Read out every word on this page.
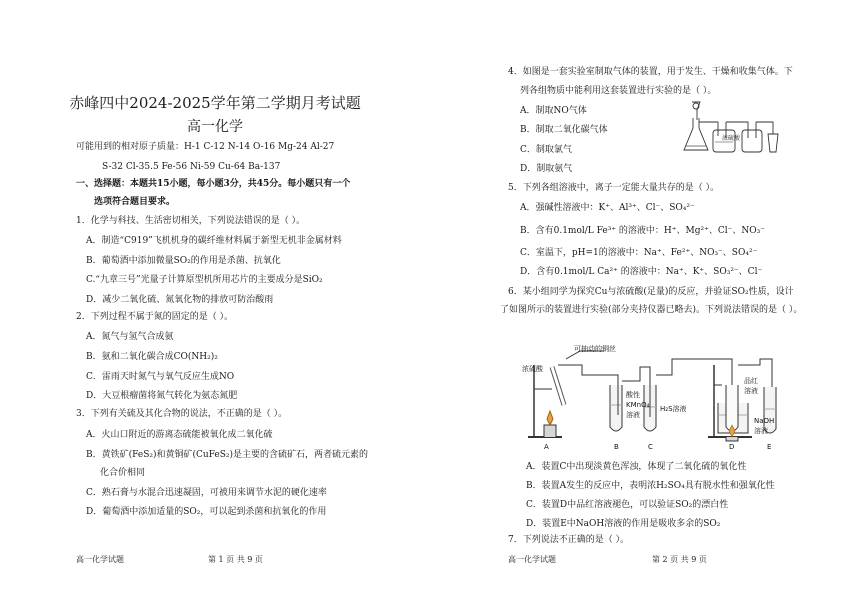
赤峰四中2024-2025学年第二学期月考试题
高一化学
可能用到的相对原子质量：H-1 C-12 N-14 O-16 Mg-24 Al-27
S-32 Cl-35.5 Fe-56 Ni-59 Cu-64 Ba-137
一、选择题：本题共15小题，每小题3分，共45分。每小题只有一个
选项符合题目要求。
1．化学与科技、生活密切相关，下列说法错误的是（ ）。
A．制造“C919”飞机机身的碳纤维材料属于新型无机非金属材料
B．葡萄酒中添加微量SO₂的作用是杀菌、抗氧化
C.“九章三号”光量子计算原型机所用芯片的主要成分是SiO₂
D．减少二氧化硫、氮氧化物的排放可防治酸雨
2．下列过程不属于氮的固定的是（ ）。
A．氮气与氢气合成氨
B．氨和二氧化碳合成CO(NH₂)₂
C．雷雨天时氮气与氧气反应生成NO
D．大豆根瘤菌将氮气转化为氨态氮肥
3．下列有关硫及其化合物的说法，不正确的是（ ）。
A．火山口附近的游离态硫能被氧化成二氧化硫
B．黄铁矿(FeS₂)和黄铜矿(CuFeS₂)是主要的含硫矿石，两者硫元素的
化合价相同
C．熟石膏与水混合迅速凝固，可被用来调节水泥的硬化速率
D．葡萄酒中添加适量的SO₂，可以起到杀菌和抗氧化的作用
高一化学试题	第 1 页 共 9 页
4．如图是一套实验室制取气体的装置，用于发生、干燥和收集气体。下
列各组物质中能利用这套装置进行实验的是（ ）。
A．制取NO气体
B．制取二氧化碳气体
C．制取氯气
D．制取氨气
浓硫酸
5．下列各组溶液中，离子一定能大量共存的是（ ）。
A．强碱性溶液中：K⁺、Al³⁺、Cl⁻、SO₄²⁻
B．含有0.1mol/L Fe³⁺ 的溶液中：H⁺、Mg²⁺、Cl⁻、NO₃⁻
C．室温下，pH=1的溶液中：Na⁺、Fe²⁺、NO₃⁻、SO₄²⁻
D．含有0.1mol/L Ca²⁺ 的溶液中：Na⁺、K⁺、SO₃²⁻、Cl⁻
6．某小组同学为探究Cu与浓硫酸(足量)的反应，并验证SO₂性质，设计
了如图所示的装置进行实验(部分夹持仪器已略去)。下列说法错误的是（ ）。
可抽动的铜丝
浓硫酸
酸性
KMnO₄
溶液
H₂S溶液
品红
溶液
NaOH
溶液
A	B	C	D	E
A．装置C中出现淡黄色浑浊，体现了二氧化硫的氧化性
B．装置A发生的反应中，表明浓H₂SO₄具有脱水性和强氧化性
C．装置D中品红溶液褪色，可以验证SO₂的漂白性
D．装置E中NaOH溶液的作用是吸收多余的SO₂
7．下列说法不正确的是（ ）。
高一化学试题	第 2 页 共 9 页
